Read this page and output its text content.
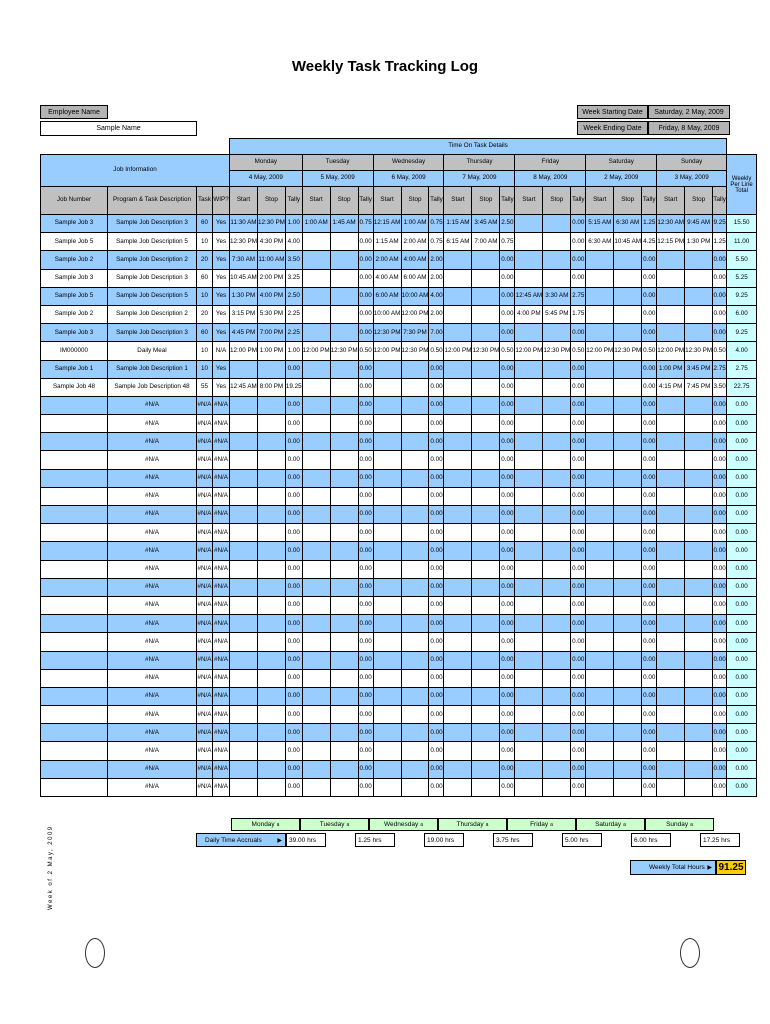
Weekly Task Tracking Log
Employee Name
Sample Name
Week Starting Date	Saturday, 2 May, 2009
Week Ending Date	Friday, 8 May, 2009
				Time On Task Details																					
Job Information				Monday			Tuesday			Wednesday			Thursday			Friday			Saturday			Sunday			Weekly Per Line Total
				4 May, 2009			5 May, 2009			6 May, 2009			7 May, 2009			8 May, 2009			2 May, 2009			3 May, 2009			
Job Number	Program & Task Description	Task	WIP?	Start	Stop	Tally	Start	Stop	Tally	Start	Stop	Tally	Start	Stop	Tally	Start	Stop	Tally	Start	Stop	Tally	Start	Stop	Tally	
Sample Job 3	Sample Job Description 3	60	Yes	11:30 AM	12:30 PM	1.00	1:00 AM	1:45 AM	0.75	12:15 AM	1:00 AM	0.75	1:15 AM	3:45 AM	2.50			0.00	5:15 AM	6:30 AM	1.25	12:30 AM	9:45 AM	9.25	15.50
Sample Job 5	Sample Job Description 5	10	Yes	12:30 PM	4:30 PM	4.00			0.00	1:15 AM	2:00 AM	0.75	6:15 AM	7:00 AM	0.75			0.00	6:30 AM	10:45 AM	4.25	12:15 PM	1:30 PM	1.25	11.00
Sample Job 2	Sample Job Description 2	20	Yes	7:30 AM	11:00 AM	3.50			0.00	2:00 AM	4:00 AM	2.00			0.00			0.00			0.00			0.00	5.50
Sample Job 3	Sample Job Description 3	60	Yes	10:45 AM	2:00 PM	3.25			0.00	4:00 AM	6:00 AM	2.00			0.00			0.00			0.00			0.00	5.25
Sample Job 5	Sample Job Description 5	10	Yes	1:30 PM	4:00 PM	2.50			0.00	6:00 AM	10:00 AM	4.00			0.00	12:45 AM	3:30 AM	2.75			0.00			0.00	9.25
Sample Job 2	Sample Job Description 2	20	Yes	3:15 PM	5:30 PM	2.25			0.00	10:00 AM	12:00 PM	2.00			0.00	4:00 PM	5:45 PM	1.75			0.00			0.00	6.00
Sample Job 3	Sample Job Description 3	60	Yes	4:45 PM	7:00 PM	2.25			0.00	12:30 PM	7:30 PM	7.00			0.00			0.00			0.00			0.00	9.25
IM000000	Daily Meal	10	N/A	12:00 PM	1:00 PM	1.00	12:00 PM	12:30 PM	0.50	12:00 PM	12:30 PM	0.50	12:00 PM	12:30 PM	0.50	12:00 PM	12:30 PM	0.50	12:00 PM	12:30 PM	0.50	12:00 PM	12:30 PM	0.50	4.00
Sample Job 1	Sample Job Description 1	10	Yes			0.00			0.00			0.00			0.00			0.00			0.00	1:00 PM	3:45 PM	2.75	2.75
Sample Job 48	Sample Job Description 48	55	Yes	12:45 AM	8:00 PM	19.25			0.00			0.00			0.00			0.00			0.00	4:15 PM	7:45 PM	3.50	22.75
	#N/A	#N/A	#N/A			0.00			0.00			0.00			0.00			0.00			0.00			0.00	0.00
	#N/A	#N/A	#N/A			0.00			0.00			0.00			0.00			0.00			0.00			0.00	0.00
	#N/A	#N/A	#N/A			0.00			0.00			0.00			0.00			0.00			0.00			0.00	0.00
	#N/A	#N/A	#N/A			0.00			0.00			0.00			0.00			0.00			0.00			0.00	0.00
	#N/A	#N/A	#N/A			0.00			0.00			0.00			0.00			0.00			0.00			0.00	0.00
	#N/A	#N/A	#N/A			0.00			0.00			0.00			0.00			0.00			0.00			0.00	0.00
	#N/A	#N/A	#N/A			0.00			0.00			0.00			0.00			0.00			0.00			0.00	0.00
	#N/A	#N/A	#N/A			0.00			0.00			0.00			0.00			0.00			0.00			0.00	0.00
	#N/A	#N/A	#N/A			0.00			0.00			0.00			0.00			0.00			0.00			0.00	0.00
	#N/A	#N/A	#N/A			0.00			0.00			0.00			0.00			0.00			0.00			0.00	0.00
	#N/A	#N/A	#N/A			0.00			0.00			0.00			0.00			0.00			0.00			0.00	0.00
	#N/A	#N/A	#N/A			0.00			0.00			0.00			0.00			0.00			0.00			0.00	0.00
	#N/A	#N/A	#N/A			0.00			0.00			0.00			0.00			0.00			0.00			0.00	0.00
	#N/A	#N/A	#N/A			0.00			0.00			0.00			0.00			0.00			0.00			0.00	0.00
	#N/A	#N/A	#N/A			0.00			0.00			0.00			0.00			0.00			0.00			0.00	0.00
	#N/A	#N/A	#N/A			0.00			0.00			0.00			0.00			0.00			0.00			0.00	0.00
	#N/A	#N/A	#N/A			0.00			0.00			0.00			0.00			0.00			0.00			0.00	0.00
	#N/A	#N/A	#N/A			0.00			0.00			0.00			0.00			0.00			0.00			0.00	0.00
	#N/A	#N/A	#N/A			0.00			0.00			0.00			0.00			0.00			0.00			0.00	0.00
	#N/A	#N/A	#N/A			0.00			0.00			0.00			0.00			0.00			0.00			0.00	0.00
	#N/A	#N/A	#N/A			0.00			0.00			0.00			0.00			0.00			0.00			0.00	0.00
	#N/A	#N/A	#N/A			0.00			0.00			0.00			0.00			0.00			0.00			0.00	0.00
Monday a	Tuesday a	Wednesday a	Thursday a	Friday a	Saturday a	Sunday a
Daily Time Accruals	▶	39.00 hrs	1.25 hrs	19.00 hrs	3.75 hrs	5.00 hrs	6.00 hrs	17.25 hrs
Weekly Total Hours ▶ 91.25
Week of 2 May, 2009
